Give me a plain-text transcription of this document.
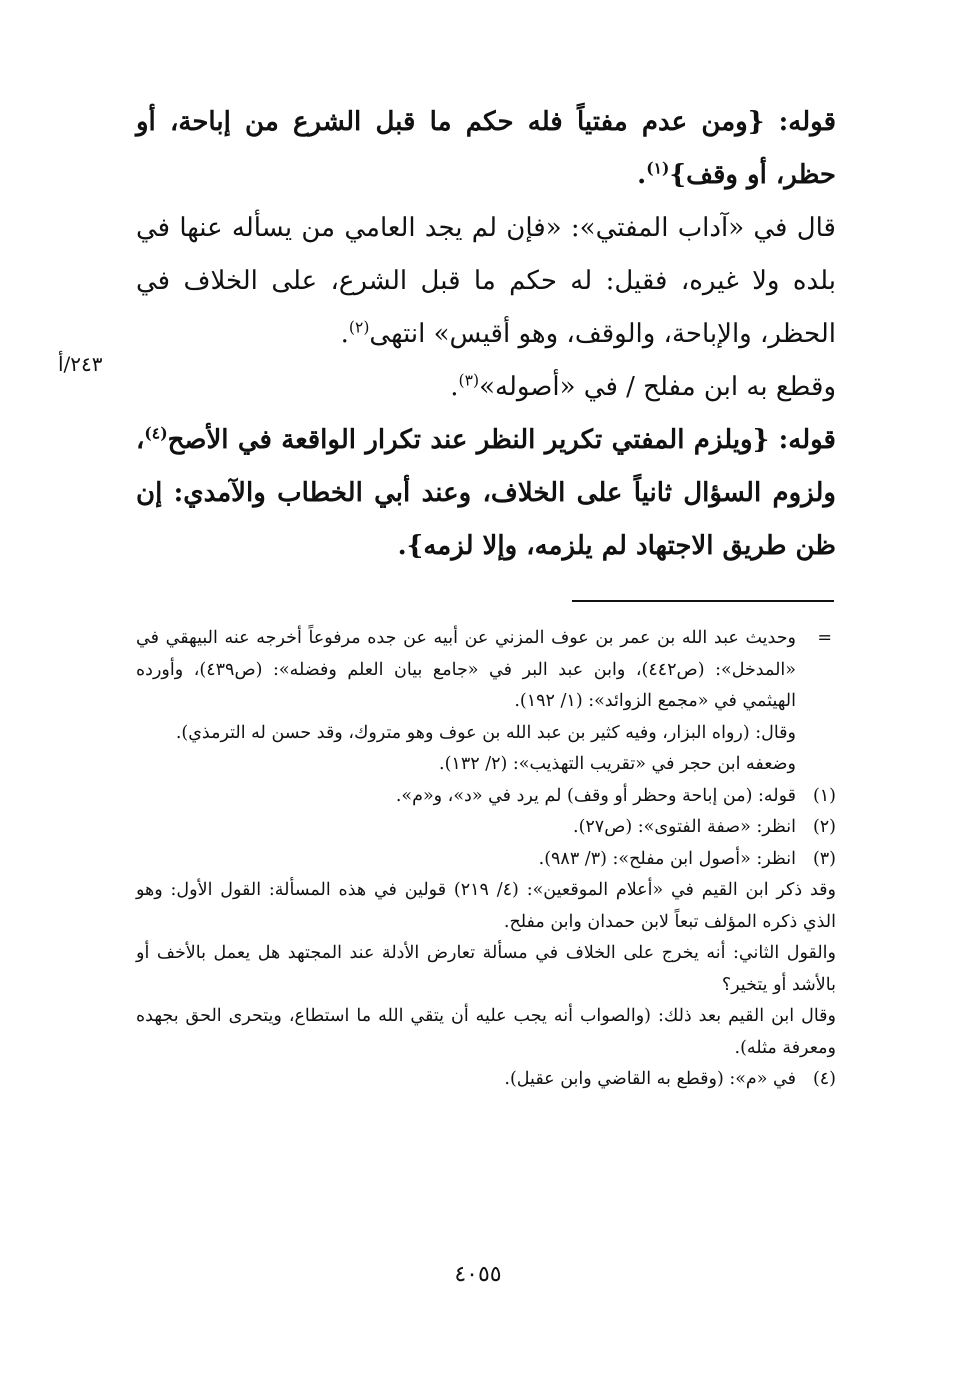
قوله: {ومن عدم مفتياً فله حكم ما قبل الشرع من إباحة، أو حظر، أو وقف}$^{(١)}$.

قال في «آداب المفتي»: «فإن لم يجد العامي من يسأله عنها في بلده ولا غيره، فقيل: له حكم ما قبل الشرع، على الخلاف في الحظر، والإباحة، والوقف، وهو أقيس» انتهى$^{(٢)}$.

وقطع به ابن مفلح / في «أصوله»$^{(٣)}$.

قوله: {ويلزم المفتي تكرير النظر عند تكرار الواقعة في الأصح$^{(٤)}$، ولزوم السؤال ثانياً على الخلاف، وعند أبي الخطاب والآمدي: إن ظن طريق الاجتهاد لم يلزمه، وإلا لزمه}.

٢٤٣/أ

=
وحديث عبد الله بن عمر بن عوف المزني عن أبيه عن جده مرفوعاً أخرجه عنه البيهقي في «المدخل»: (ص٤٤٢)، وابن عبد البر في «جامع بيان العلم وفضله»: (ص٤٣٩)، وأورده الهيثمي في «مجمع الزوائد»: (١/ ١٩٢).

وقال: (رواه البزار، وفيه كثير بن عبد الله بن عوف وهو متروك، وقد حسن له الترمذي).

وضعفه ابن حجر في «تقريب التهذيب»: (٢/ ١٣٢).

(١)
قوله: (من إباحة وحظر أو وقف) لم يرد في «د»، و«م».

(٢)
انظر: «صفة الفتوى»: (ص٢٧).

(٣)
انظر: «أصول ابن مفلح»: (٣/ ٩٨٣).

وقد ذكر ابن القيم في «أعلام الموقعين»: (٤/ ٢١٩) قولين في هذه المسألة: القول الأول: وهو الذي ذكره المؤلف تبعاً لابن حمدان وابن مفلح.

والقول الثاني: أنه يخرج على الخلاف في مسألة تعارض الأدلة عند المجتهد هل يعمل بالأخف أو بالأشد أو يتخير؟

وقال ابن القيم بعد ذلك: (والصواب أنه يجب عليه أن يتقي الله ما استطاع، ويتحرى الحق بجهده ومعرفة مثله).

(٤)
في «م»: (وقطع به القاضي وابن عقيل).

٤٠٥٥
